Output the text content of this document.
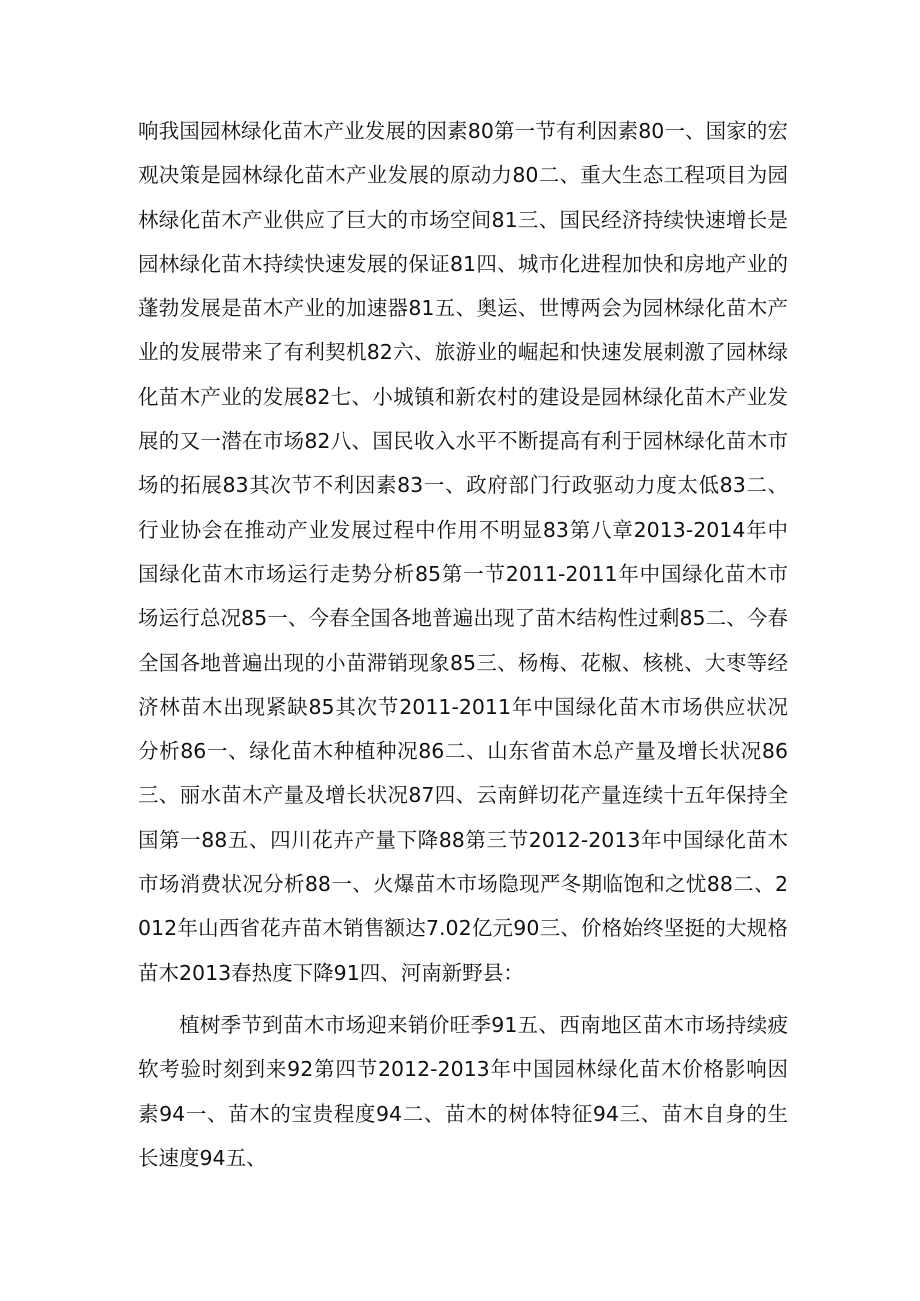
响我国园林绿化苗木产业发展的因素80第一节有利因素80一、国家的宏观决策是园林绿化苗木产业发展的原动力80二、重大生态工程项目为园林绿化苗木产业供应了巨大的市场空间81三、国民经济持续快速增长是园林绿化苗木持续快速发展的保证81四、城市化进程加快和房地产业的蓬勃发展是苗木产业的加速器81五、奥运、世博两会为园林绿化苗木产业的发展带来了有利契机82六、旅游业的崛起和快速发展刺激了园林绿化苗木产业的发展82七、小城镇和新农村的建设是园林绿化苗木产业发展的又一潜在市场82八、国民收入水平不断提高有利于园林绿化苗木市场的拓展83其次节不利因素83一、政府部门行政驱动力度太低83二、行业协会在推动产业发展过程中作用不明显83第八章2013-2014年中国绿化苗木市场运行走势分析85第一节2011-2011年中国绿化苗木市场运行总况85一、今春全国各地普遍出现了苗木结构性过剩85二、今春全国各地普遍出现的小苗滞销现象85三、杨梅、花椒、核桃、大枣等经济林苗木出现紧缺85其次节2011-2011年中国绿化苗木市场供应状况分析86一、绿化苗木种植种况86二、山东省苗木总产量及增长状况86三、丽水苗木产量及增长状况87四、云南鲜切花产量连续十五年保持全国第一88五、四川花卉产量下降88第三节2012-2013年中国绿化苗木市场消费状况分析88一、火爆苗木市场隐现严冬期临饱和之忧88二、2012年山西省花卉苗木销售额达7.02亿元90三、价格始终坚挺的大规格苗木2013春热度下降91四、河南新野县：

植树季节到苗木市场迎来销价旺季91五、西南地区苗木市场持续疲软考验时刻到来92第四节2012-2013年中国园林绿化苗木价格影响因素94一、苗木的宝贵程度94二、苗木的树体特征94三、苗木自身的生长速度94五、
